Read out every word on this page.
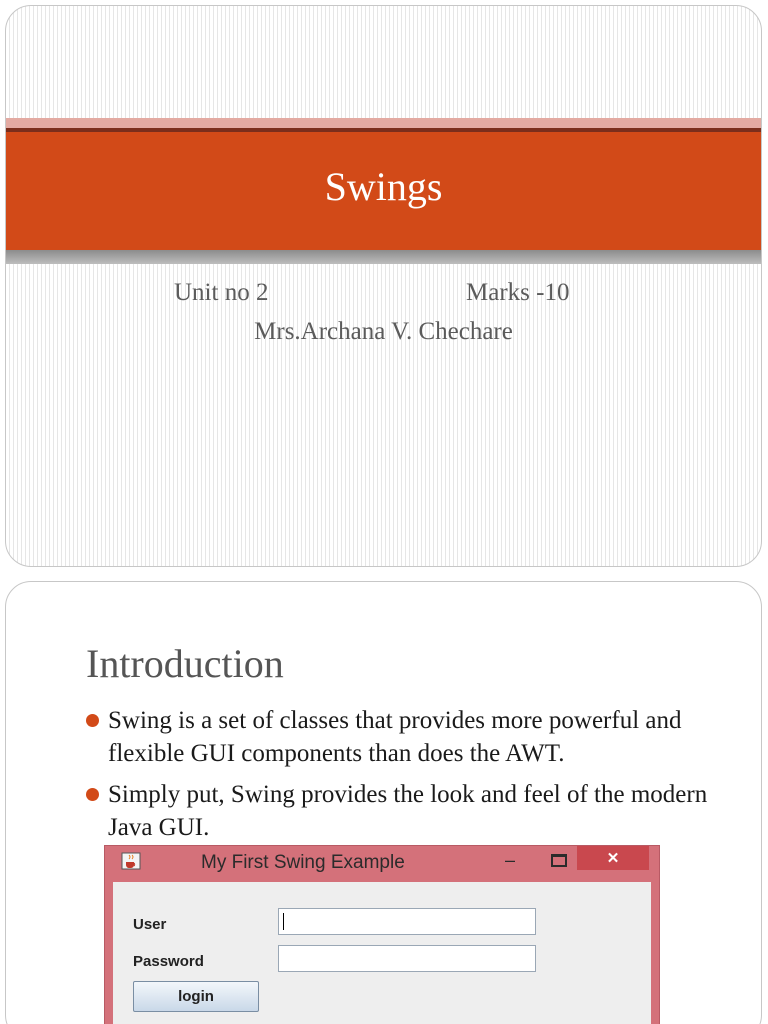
Swings
Unit no 2	Marks -10
Mrs.Archana V. Chechare
Introduction
Swing is a set of classes that provides more powerful and flexible GUI components than does the AWT.
Simply put, Swing provides the look and feel of the modern Java GUI.
My First Swing Example	–	✕
User
Password
login
